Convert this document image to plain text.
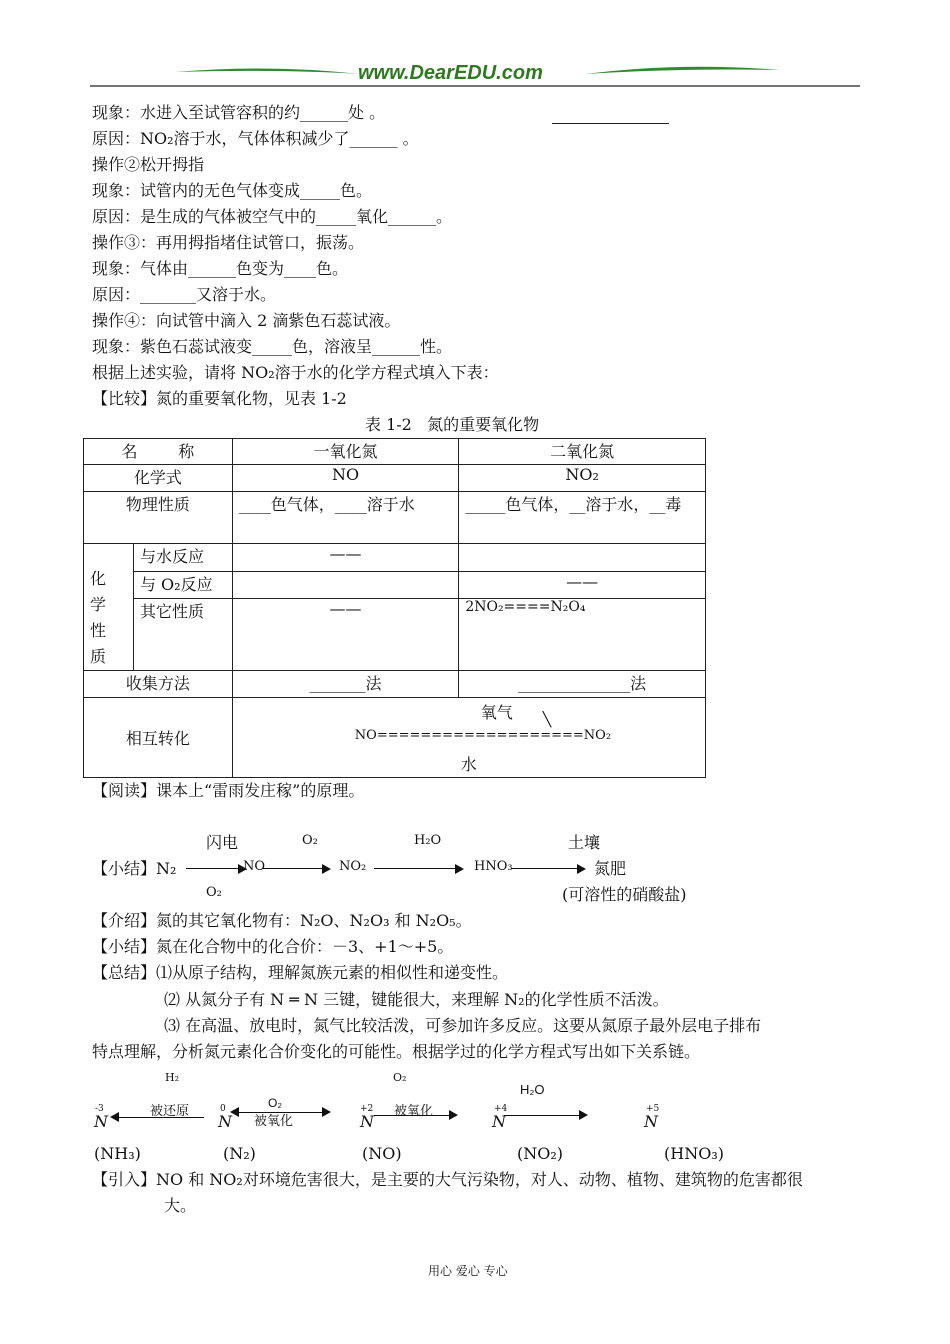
www.DearEDU.com
现象：水进入至试管容积的约______处 。
原因：NO₂溶于水，气体体积减少了______ 。
操作②松开拇指
现象：试管内的无色气体变成_____色。
原因：是生成的气体被空气中的_____氧化______。
操作③：再用拇指堵住试管口，振荡。
现象：气体由______色变为____色。
原因：_______又溶于水。
操作④：向试管中滴入 2 滴紫色石蕊试液。
现象：紫色石蕊试液变_____色，溶液呈______性。
根据上述实验，请将 NO₂溶于水的化学方程式填入下表：
【比较】氮的重要氧化物，见表 1-2
表 1-2   氮的重要氧化物
名        称		一氧化氮	二氧化氮
化学式		NO	NO₂
物理性质		____色气体，____溶于水	_____色气体，__溶于水，__毒

化学性质	与水反应	——	
	与 O₂反应		——
	其它性质	——	2NO₂====N₂O₄
收集方法		_______法	______________法
相互转化		氧气 ╲
NO===================NO₂
水	
【阅读】课本上“雷雨发庄稼”的原理。
闪电	O₂	H₂O	土壤
【小结】N₂	NO	NO₂	HNO₃	氮肥
O₂	(可溶性的硝酸盐)
【介绍】氮的其它氧化物有：N₂O、N₂O₃ 和 N₂O₅。
【小结】氮在化合物中的化合价：－3、+1～+5。
【总结】⑴从原子结构，理解氮族元素的相似性和递变性。
⑵ 从氮分子有 N ═ N 三键，键能很大，来理解 N₂的化学性质不活泼。
⑶ 在高温、放电时，氮气比较活泼，可参加许多反应。这要从氮原子最外层电子排布
特点理解，分析氮元素化合价变化的可能性。根据学过的化学方程式写出如下关系链。
H₂	O₂
H₂O
O₂
-3	0	+2	+4	+5
N	N	N	N	N
被还原
被氧化
被氧化
(NH₃)	(N₂)	(NO)	(NO₂)	(HNO₃)
【引入】NO 和 NO₂对环境危害很大，是主要的大气污染物，对人、动物、植物、建筑物的危害都很
大。
用心 爱心 专心
